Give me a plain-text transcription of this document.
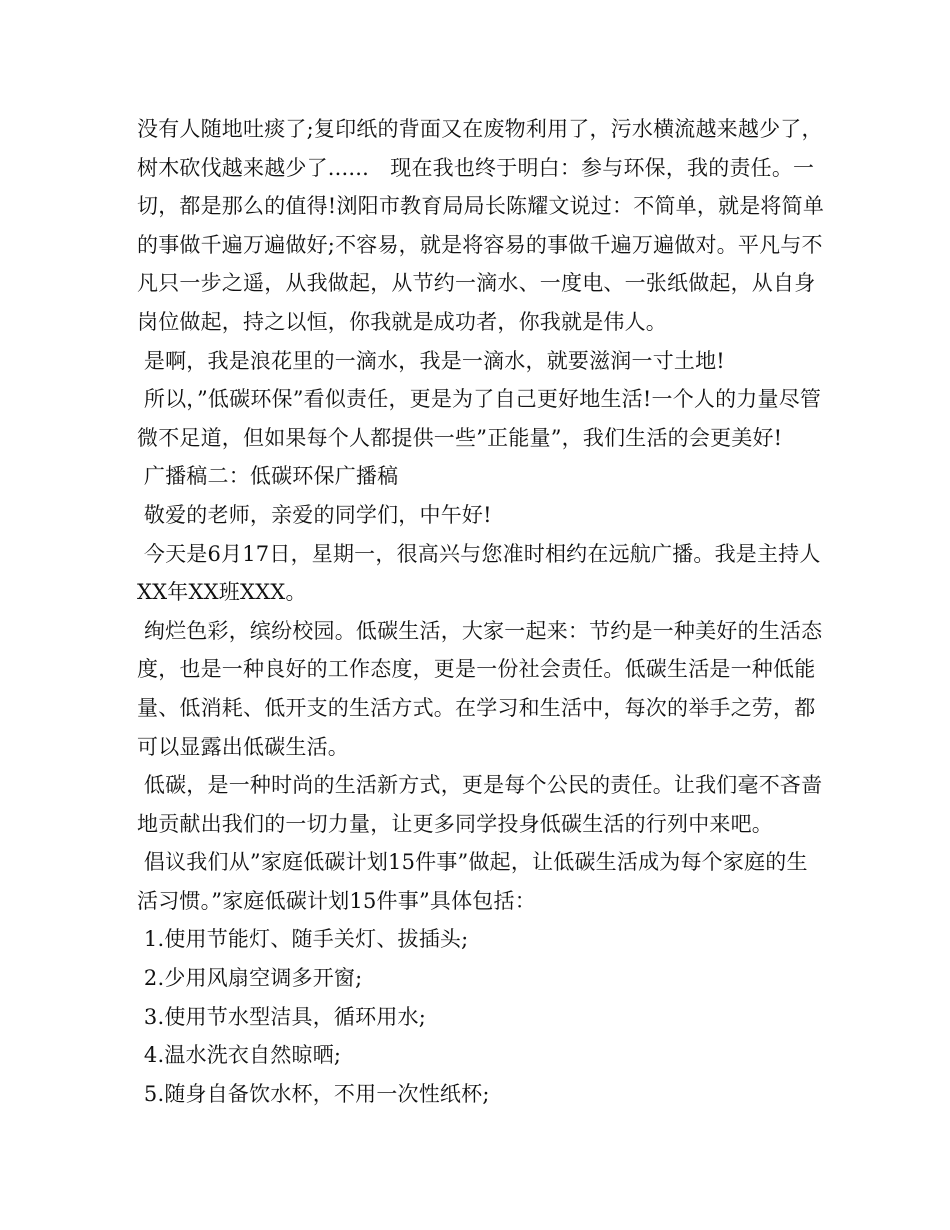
没有人随地吐痰了;复印纸的背面又在废物利用了，污水横流越来越少了，树木砍伐越来越少了......　现在我也终于明白：参与环保，我的责任。一切，都是那么的值得!浏阳市教育局局长陈耀文说过：不简单，就是将简单的事做千遍万遍做好;不容易，就是将容易的事做千遍万遍做对。平凡与不凡只一步之遥，从我做起，从节约一滴水、一度电、一张纸做起，从自身岗位做起，持之以恒，你我就是成功者，你我就是伟人。

是啊，我是浪花里的一滴水，我是一滴水，就要滋润一寸土地!

所以，”低碳环保”看似责任，更是为了自己更好地生活!一个人的力量尽管微不足道，但如果每个人都提供一些”正能量”，我们生活的会更美好!

广播稿二：低碳环保广播稿

敬爱的老师，亲爱的同学们，中午好!

今天是6月17日，星期一，很高兴与您准时相约在远航广播。我是主持人XX年XX班XXX。

绚烂色彩，缤纷校园。低碳生活，大家一起来：节约是一种美好的生活态度，也是一种良好的工作态度，更是一份社会责任。低碳生活是一种低能量、低消耗、低开支的生活方式。在学习和生活中，每次的举手之劳，都可以显露出低碳生活。

低碳，是一种时尚的生活新方式，更是每个公民的责任。让我们毫不吝啬地贡献出我们的一切力量，让更多同学投身低碳生活的行列中来吧。

倡议我们从”家庭低碳计划15件事”做起，让低碳生活成为每个家庭的生活习惯。”家庭低碳计划15件事”具体包括：

1.使用节能灯、随手关灯、拔插头;

2.少用风扇空调多开窗;

3.使用节水型洁具，循环用水;

4.温水洗衣自然晾晒;

5.随身自备饮水杯，不用一次性纸杯;
